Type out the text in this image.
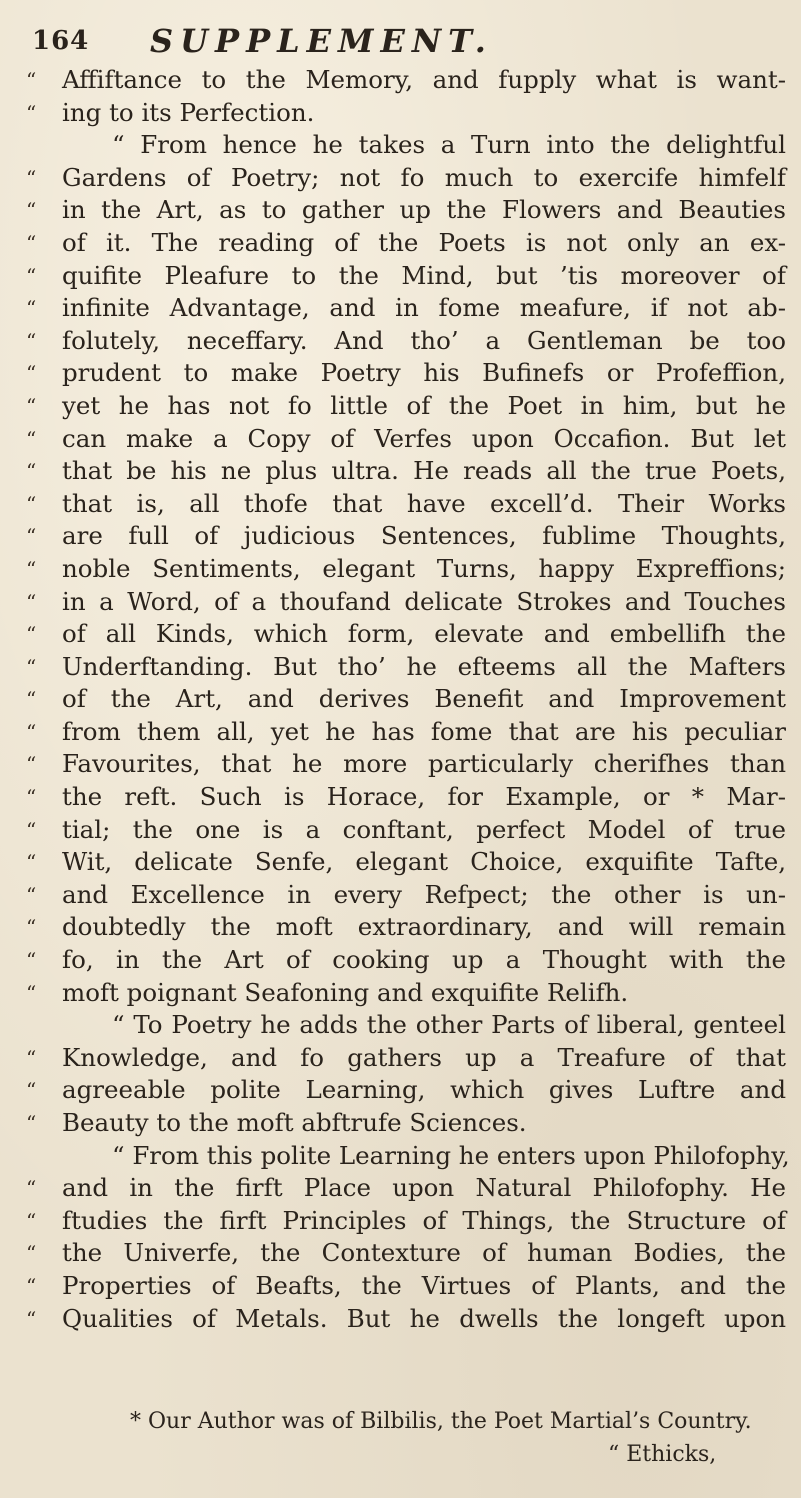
164 SUPPLEMENT.
“	Affiftance to the Memory, and fupply what is want-
“	ing to its Perfection.
“ From hence he takes a Turn into the delightful
“	Gardens of Poetry; not fo much to exercife himfelf
“	in the Art, as to gather up the Flowers and Beauties
“	of it. The reading of the Poets is not only an ex-
“	quifite Pleafure to the Mind, but ’tis moreover of
“	infinite Advantage, and in fome meafure, if not ab-
“	folutely, neceffary. And tho’ a Gentleman be too
“	prudent to make Poetry his Bufinefs or Profeffion,
“	yet he has not fo little of the Poet in him, but he
“	can make a Copy of Verfes upon Occafion. But let
“	that be his ne plus ultra. He reads all the true Poets,
“	that is, all thofe that have excell’d. Their Works
“	are full of judicious Sentences, fublime Thoughts,
“	noble Sentiments, elegant Turns, happy Expreffions;
“	in a Word, of a thoufand delicate Strokes and Touches
“	of all Kinds, which form, elevate and embellifh the
“	Underftanding. But tho’ he efteems all the Mafters
“	of the Art, and derives Benefit and Improvement
“	from them all, yet he has fome that are his peculiar
“	Favourites, that he more particularly cherifhes than
“	the reft. Such is Horace, for Example, or * Mar-
“	tial; the one is a conftant, perfect Model of true
“	Wit, delicate Senfe, elegant Choice, exquifite Tafte,
“	and Excellence in every Refpect; the other is un-
“	doubtedly the moft extraordinary, and will remain
“	fo, in the Art of cooking up a Thought with the
“	moft poignant Seafoning and exquifite Relifh.
“ To Poetry he adds the other Parts of liberal, genteel
“	Knowledge, and fo gathers up a Treafure of that
“	agreeable polite Learning, which gives Luftre and
“	Beauty to the moft abftrufe Sciences.
“ From this polite Learning he enters upon Philofophy,
“	and in the firft Place upon Natural Philofophy. He
“	ftudies the firft Principles of Things, the Structure of
“	the Univerfe, the Contexture of human Bodies, the
“	Properties of Beafts, the Virtues of Plants, and the
“	Qualities of Metals. But he dwells the longeft upon
* Our Author was of Bilbilis, the Poet Martial’s Country.
“ Ethicks,
